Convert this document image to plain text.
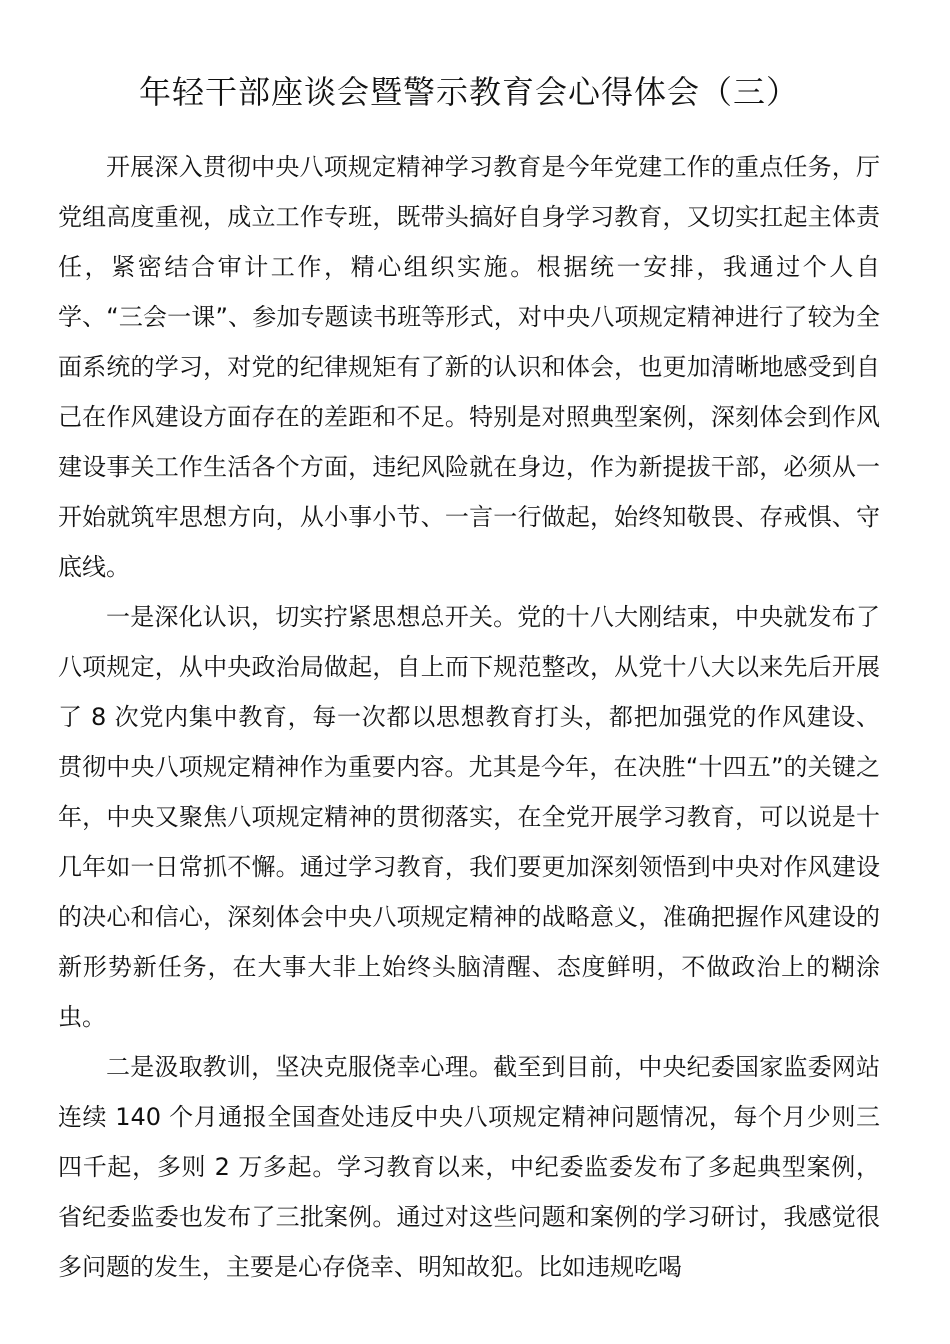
年轻干部座谈会暨警示教育会心得体会（三）

开展深入贯彻中央八项规定精神学习教育是今年党建工作的重点任务，厅党组高度重视，成立工作专班，既带头搞好自身学习教育，又切实扛起主体责任，紧密结合审计工作，精心组织实施。根据统一安排，我通过个人自学、“三会一课”、参加专题读书班等形式，对中央八项规定精神进行了较为全面系统的学习，对党的纪律规矩有了新的认识和体会，也更加清晰地感受到自己在作风建设方面存在的差距和不足。特别是对照典型案例，深刻体会到作风建设事关工作生活各个方面，违纪风险就在身边，作为新提拔干部，必须从一开始就筑牢思想方向，从小事小节、一言一行做起，始终知敬畏、存戒惧、守底线。

一是深化认识，切实拧紧思想总开关。党的十八大刚结束，中央就发布了八项规定，从中央政治局做起，自上而下规范整改，从党十八大以来先后开展了 8 次党内集中教育，每一次都以思想教育打头，都把加强党的作风建设、贯彻中央八项规定精神作为重要内容。尤其是今年，在决胜“十四五”的关键之年，中央又聚焦八项规定精神的贯彻落实，在全党开展学习教育，可以说是十几年如一日常抓不懈。通过学习教育，我们要更加深刻领悟到中央对作风建设的决心和信心，深刻体会中央八项规定精神的战略意义，准确把握作风建设的新形势新任务，在大事大非上始终头脑清醒、态度鲜明，不做政治上的糊涂虫。

二是汲取教训，坚决克服侥幸心理。截至到目前，中央纪委国家监委网站连续 140 个月通报全国查处违反中央八项规定精神问题情况，每个月少则三四千起，多则 2 万多起。学习教育以来，中纪委监委发布了多起典型案例，省纪委监委也发布了三批案例。通过对这些问题和案例的学习研讨，我感觉很多问题的发生，主要是心存侥幸、明知故犯。比如违规吃喝
